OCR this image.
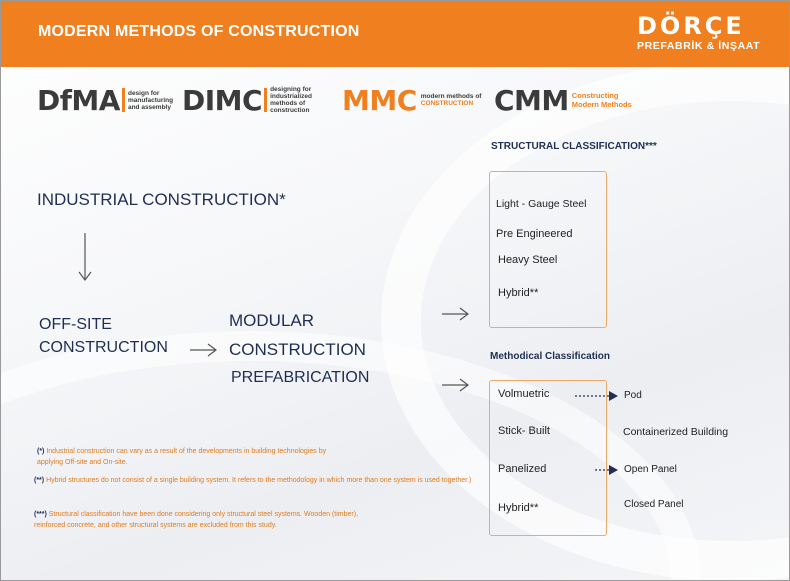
MODERN METHODS OF CONSTRUCTION	DÖRÇE
PREFABRİK & İNŞAAT
DfMA design for
manufacturing
and assembly DIMC designing for industrialized
methods of construction	MMC modern methods of
CONSTRUCTION CMM Constructing
Modern Methods
INDUSTRIAL CONSTRUCTION*
OFF-SITE
CONSTRUCTION
MODULAR
CONSTRUCTION
PREFABRICATION
STRUCTURAL CLASSIFICATION***
Light - Gauge Steel
Pre Engineered
Heavy Steel
Hybrid**
Methodical Classification
Volmuetric
Stick- Built
Panelized
Hybrid**
Pod
Containerized Building
Open Panel
Closed Panel
(*) Industrial construction can vary as a result of the developments in building technologies by applying Off-site and On-site.
(**) Hybrid structures do not consist of a single building system. It refers to the methodology in which more than one system is used together.)
(***) Structural classification have been done considering only structural steel systems. Wooden (timber), reinforced concrete, and other structural systems are excluded from this study.
